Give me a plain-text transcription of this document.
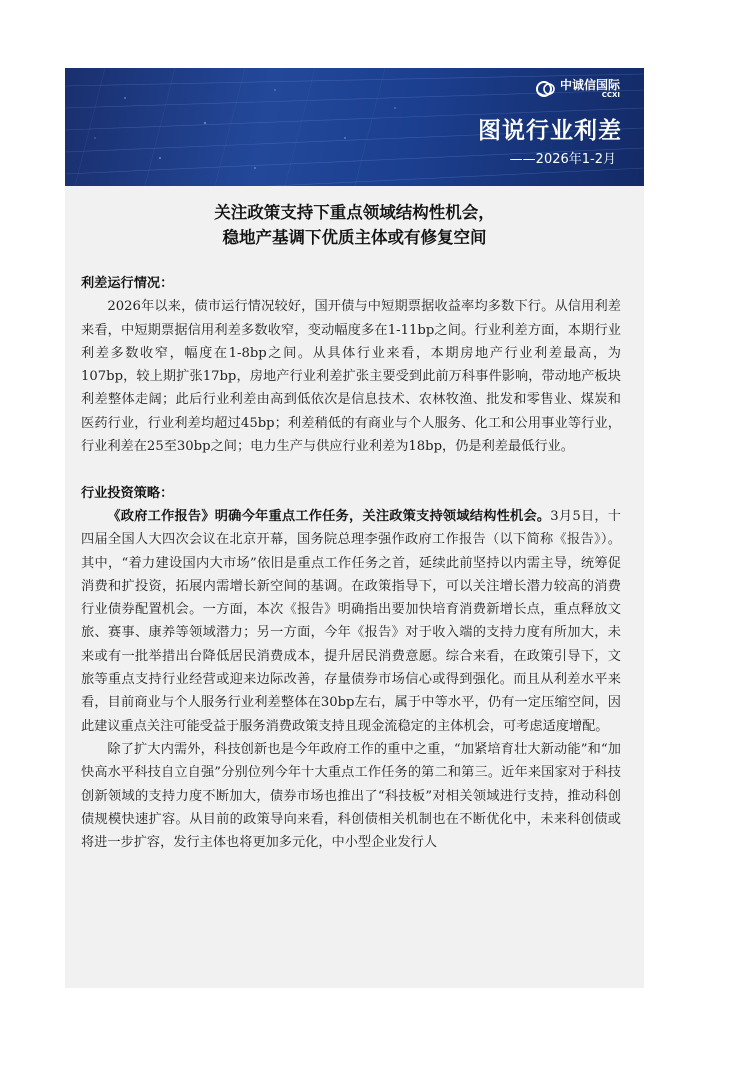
中诚信国际
CCXI
图说行业利差
——2026年1-2月
关注政策支持下重点领域结构性机会，
稳地产基调下优质主体或有修复空间
利差运行情况：

2026年以来，债市运行情况较好，国开债与中短期票据收益率均多数下行。从信用利差来看，中短期票据信用利差多数收窄，变动幅度多在1-11bp之间。行业利差方面，本期行业利差多数收窄，幅度在1-8bp之间。从具体行业来看，本期房地产行业利差最高，为107bp，较上期扩张17bp，房地产行业利差扩张主要受到此前万科事件影响，带动地产板块利差整体走阔；此后行业利差由高到低依次是信息技术、农林牧渔、批发和零售业、煤炭和医药行业，行业利差均超过45bp；利差稍低的有商业与个人服务、化工和公用事业等行业，行业利差在25至30bp之间；电力生产与供应行业利差为18bp，仍是利差最低行业。

行业投资策略：

《政府工作报告》明确今年重点工作任务，关注政策支持领域结构性机会。3月5日，十四届全国人大四次会议在北京开幕，国务院总理李强作政府工作报告（以下简称《报告》）。其中，“着力建设国内大市场”依旧是重点工作任务之首，延续此前坚持以内需主导，统筹促消费和扩投资，拓展内需增长新空间的基调。在政策指导下，可以关注增长潜力较高的消费行业债券配置机会。一方面，本次《报告》明确指出要加快培育消费新增长点，重点释放文旅、赛事、康养等领域潜力；另一方面，今年《报告》对于收入端的支持力度有所加大，未来或有一批举措出台降低居民消费成本，提升居民消费意愿。综合来看，在政策引导下，文旅等重点支持行业经营或迎来边际改善，存量债券市场信心或得到强化。而且从利差水平来看，目前商业与个人服务行业利差整体在30bp左右，属于中等水平，仍有一定压缩空间，因此建议重点关注可能受益于服务消费政策支持且现金流稳定的主体机会，可考虑适度增配。

除了扩大内需外，科技创新也是今年政府工作的重中之重，“加紧培育壮大新动能”和“加快高水平科技自立自强”分别位列今年十大重点工作任务的第二和第三。近年来国家对于科技创新领域的支持力度不断加大，债券市场也推出了“科技板”对相关领域进行支持，推动科创债规模快速扩容。从目前的政策导向来看，科创债相关机制也在不断优化中，未来科创债或将进一步扩容，发行主体也将更加多元化，中小型企业发行人
